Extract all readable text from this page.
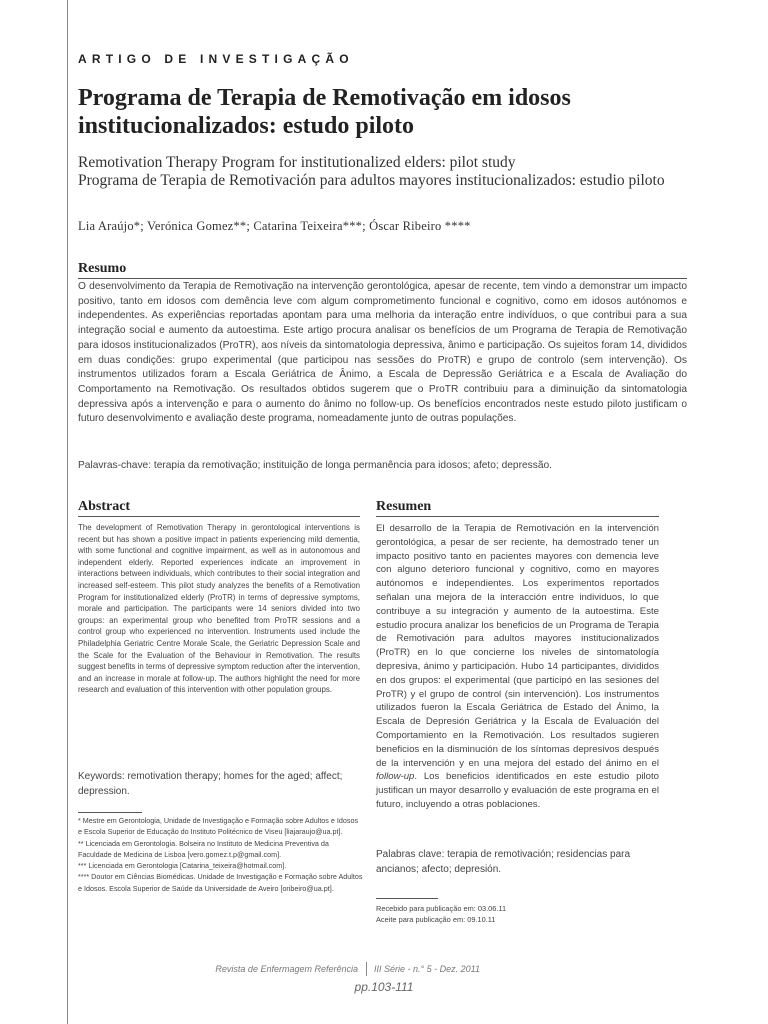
ARTIGO DE INVESTIGAÇÃO
Programa de Terapia de Remotivação em idosos institucionalizados: estudo piloto
Remotivation Therapy Program for institutionalized elders: pilot study
Programa de Terapia de Remotivación para adultos mayores institucionalizados: estudio piloto
Lia Araújo*; Verónica Gomez**; Catarina Teixeira***; Óscar Ribeiro ****
Resumo
O desenvolvimento da Terapia de Remotivação na intervenção gerontológica, apesar de recente, tem vindo a demonstrar um impacto positivo, tanto em idosos com demência leve com algum comprometimento funcional e cognitivo, como em idosos autónomos e independentes. As experiências reportadas apontam para uma melhoria da interação entre indivíduos, o que contribui para a sua integração social e aumento da autoestima. Este artigo procura analisar os benefícios de um Programa de Terapia de Remotivação para idosos institucionalizados (ProTR), aos níveis da sintomatologia depressiva, ânimo e participação. Os sujeitos foram 14, divididos em duas condições: grupo experimental (que participou nas sessões do ProTR) e grupo de controlo (sem intervenção). Os instrumentos utilizados foram a Escala Geriátrica de Ânimo, a Escala de Depressão Geriátrica e a Escala de Avaliação do Comportamento na Remotivação. Os resultados obtidos sugerem que o ProTR contribuiu para a diminuição da sintomatologia depressiva após a intervenção e para o aumento do ânimo no follow-up. Os benefícios encontrados neste estudo piloto justificam o futuro desenvolvimento e avaliação deste programa, nomeadamente junto de outras populações.
Palavras-chave: terapia da remotivação; instituição de longa permanência para idosos; afeto; depressão.
Abstract
The development of Remotivation Therapy in gerontological interventions is recent but has shown a positive impact in patients experiencing mild dementia, with some functional and cognitive impairment, as well as in autonomous and independent elderly. Reported experiences indicate an improvement in interactions between individuals, which contributes to their social integration and increased self-esteem. This pilot study analyzes the benefits of a Remotivation Program for institutionalized elderly (ProTR) in terms of depressive symptoms, morale and participation. The participants were 14 seniors divided into two groups: an experimental group who benefited from ProTR sessions and a control group who experienced no intervention. Instruments used include the Philadelphia Geriatric Centre Morale Scale, the Geriatric Depression Scale and the Scale for the Evaluation of the Behaviour in Remotivation. The results suggest benefits in terms of depressive symptom reduction after the intervention, and an increase in morale at follow-up. The authors highlight the need for more research and evaluation of this intervention with other population groups.
Keywords: remotivation therapy; homes for the aged; affect; depression.
* Mestre em Gerontologia, Unidade de Investigação e Formação sobre Adultos e Idosos e Escola Superior de Educação do Instituto Politécnico de Viseu [liajaraujo@ua.pt].
** Licenciada em Gerontologia. Bolseira no Instituto de Medicina Preventiva da Faculdade de Medicina de Lisboa [vero.gomez.t.p@gmail.com].
*** Licenciada em Gerontologia [Catarina_teixeira@hotmail.com].
**** Doutor em Ciências Biomédicas. Unidade de Investigação e Formação sobre Adultos e Idosos. Escola Superior de Saúde da Universidade de Aveiro [oribeiro@ua.pt].
Resumen
El desarrollo de la Terapia de Remotivación en la intervención gerontológica, a pesar de ser reciente, ha demostrado tener un impacto positivo tanto en pacientes mayores con demencia leve con alguno deterioro funcional y cognitivo, como en mayores autónomos e independientes. Los experimentos reportados señalan una mejora de la interacción entre individuos, lo que contribuye a su integración y aumento de la autoestima. Este estudio procura analizar los beneficios de un Programa de Terapia de Remotivación para adultos mayores institucionalizados (ProTR) en lo que concierne los niveles de sintomatología depresiva, ánimo y participación. Hubo 14 participantes, divididos en dos grupos: el experimental (que participó en las sesiones del ProTR) y el grupo de control (sin intervención). Los instrumentos utilizados fueron la Escala Geriátrica de Estado del Ánimo, la Escala de Depresión Geriátrica y la Escala de Evaluación del Comportamiento en la Remotivación. Los resultados sugieren beneficios en la disminución de los síntomas depresivos después de la intervención y en una mejora del estado del ánimo en el follow-up. Los beneficios identificados en este estudio piloto justifican un mayor desarrollo y evaluación de este programa en el futuro, incluyendo a otras poblaciones.
Palabras clave: terapia de remotivación; residencias para ancianos; afecto; depresión.
Recebido para publicação em: 03.06.11
Aceite para publicação em: 09.10.11
Revista de Enfermagem Referência III Série - n.° 5 - Dez. 2011
pp.103-111
